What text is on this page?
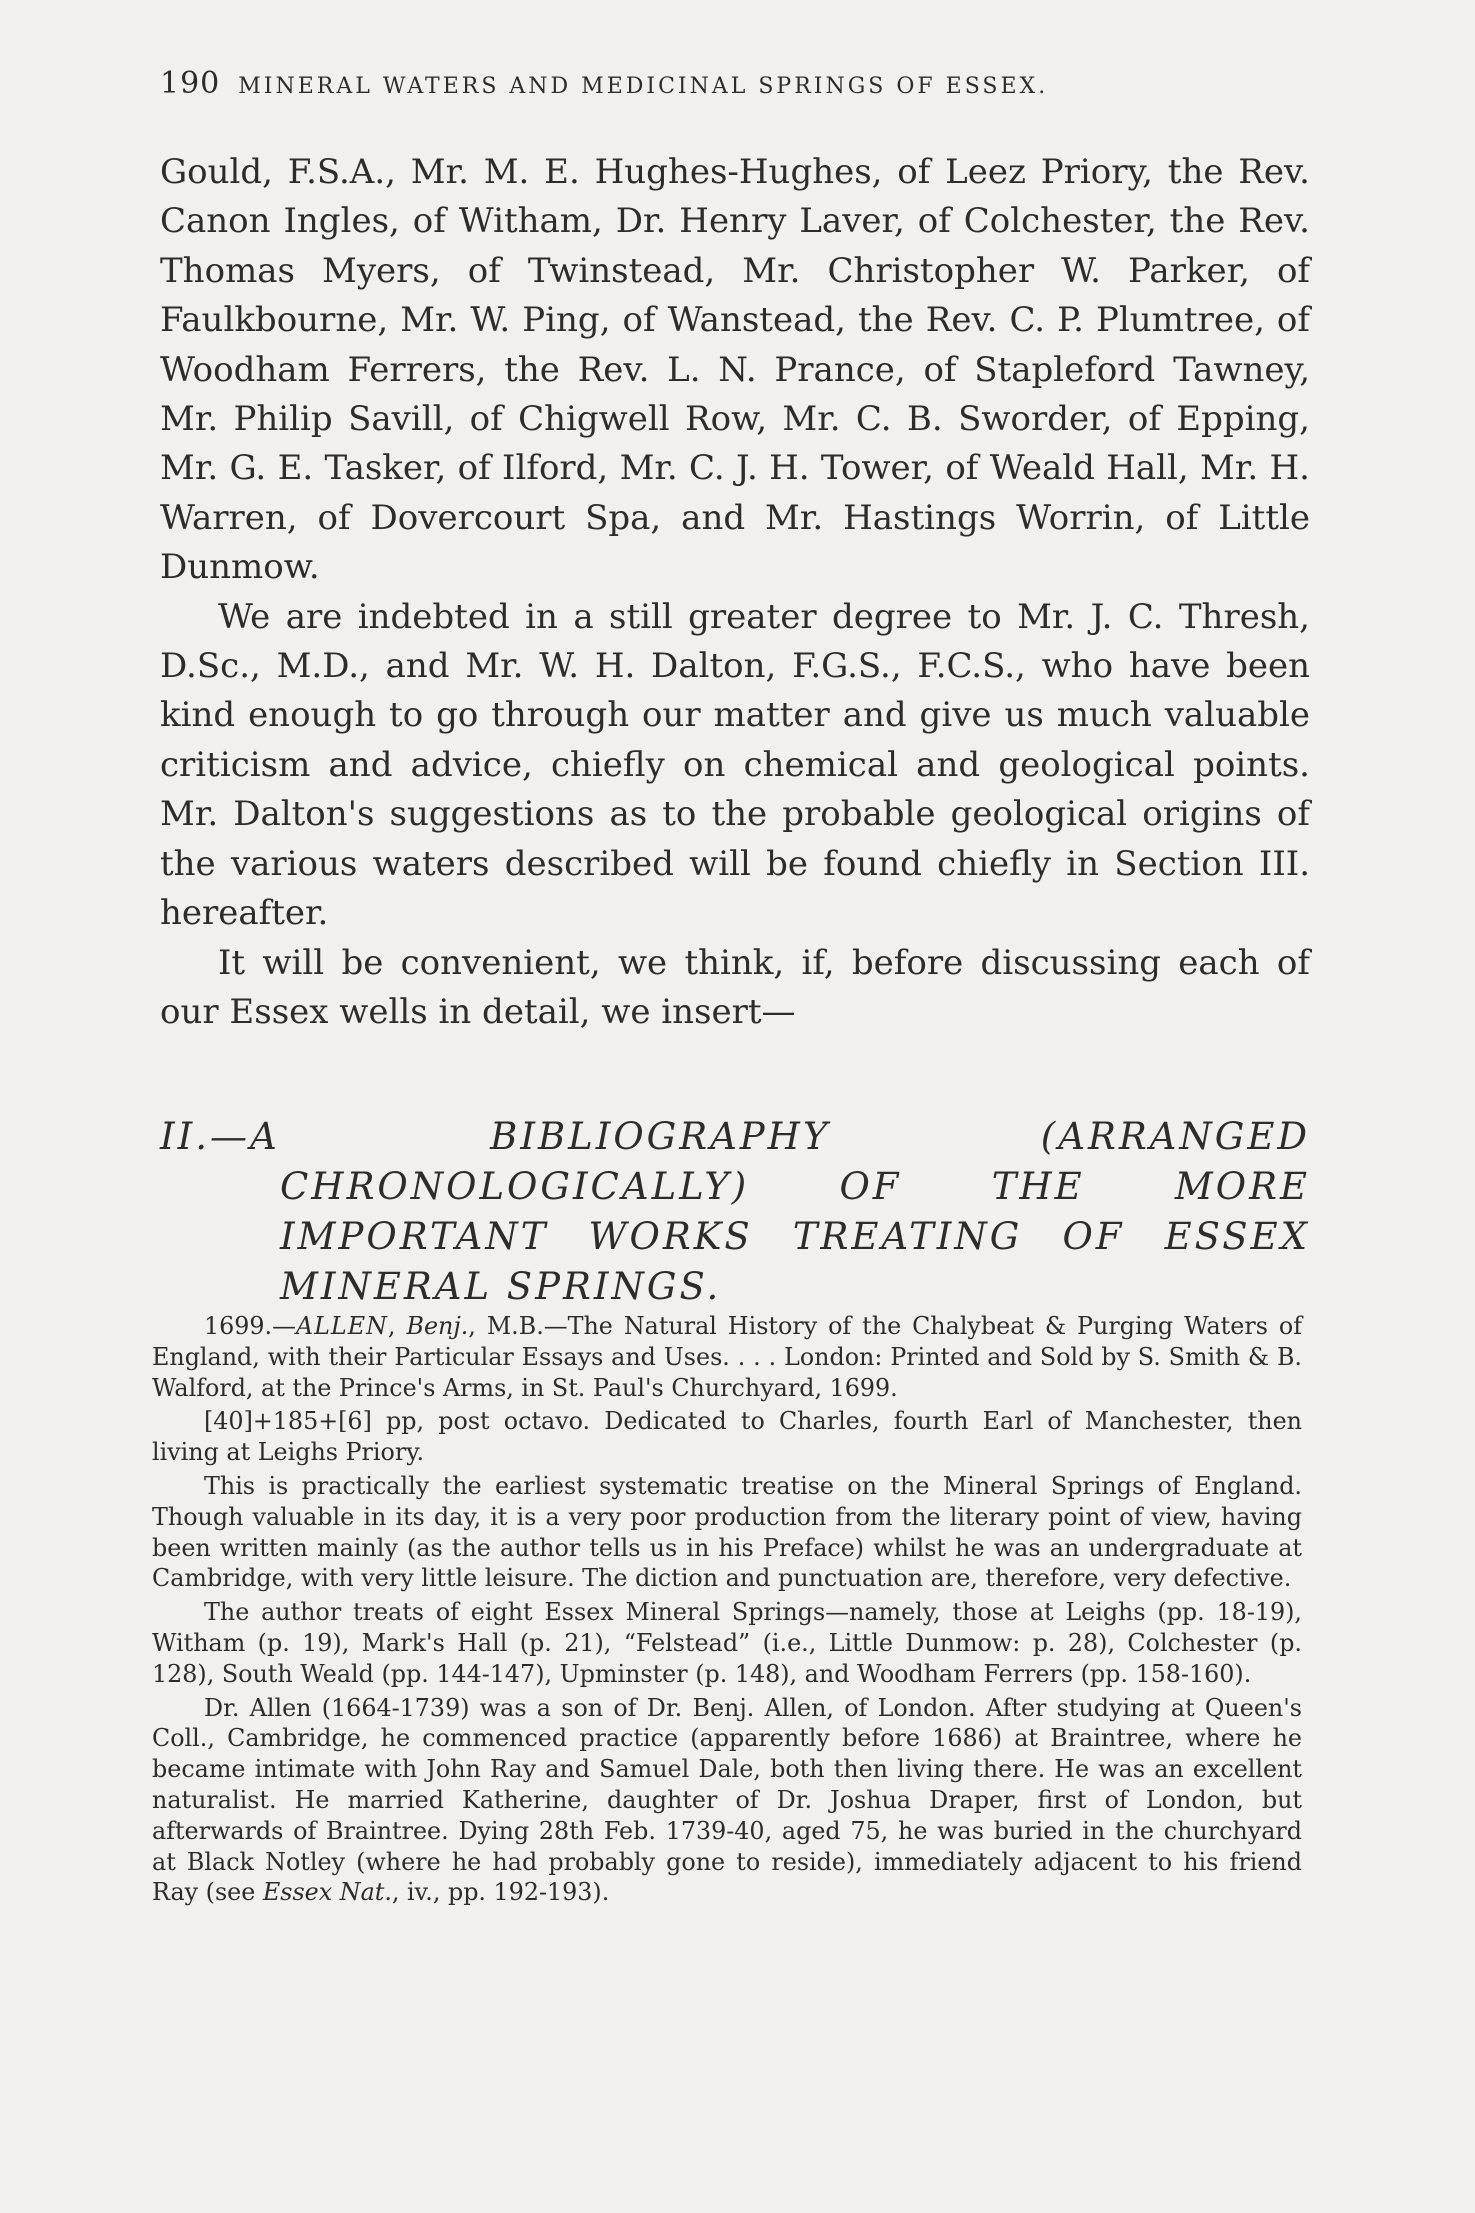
190 MINERAL WATERS AND MEDICINAL SPRINGS OF ESSEX.

Gould, F.S.A., Mr. M. E. Hughes-Hughes, of Leez Priory, the Rev. Canon Ingles, of Witham, Dr. Henry Laver, of Colchester, the Rev. Thomas Myers, of Twinstead, Mr. Christopher W. Parker, of Faulkbourne, Mr. W. Ping, of Wanstead, the Rev. C. P. Plumtree, of Woodham Ferrers, the Rev. L. N. Prance, of Stapleford Tawney, Mr. Philip Savill, of Chigwell Row, Mr. C. B. Sworder, of Epping, Mr. G. E. Tasker, of Ilford, Mr. C. J. H. Tower, of Weald Hall, Mr. H. Warren, of Dovercourt Spa, and Mr. Hastings Worrin, of Little Dunmow.

We are indebted in a still greater degree to Mr. J. C. Thresh, D.Sc., M.D., and Mr. W. H. Dalton, F.G.S., F.C.S., who have been kind enough to go through our matter and give us much valuable criticism and advice, chiefly on chemical and geological points. Mr. Dalton's suggestions as to the probable geological origins of the various waters described will be found chiefly in Section III. hereafter.

It will be convenient, we think, if, before discussing each of our Essex wells in detail, we insert—

II.—A BIBLIOGRAPHY (ARRANGED CHRONOLOGICALLY) OF THE MORE IMPORTANT WORKS TREATING OF ESSEX MINERAL SPRINGS.

1699.—ALLEN, Benj., M.B.—The Natural History of the Chalybeat & Purging Waters of England, with their Particular Essays and Uses. . . . London: Printed and Sold by S. Smith & B. Walford, at the Prince's Arms, in St. Paul's Churchyard, 1699.

[40]+185+[6] pp, post octavo. Dedicated to Charles, fourth Earl of Manchester, then living at Leighs Priory.

This is practically the earliest systematic treatise on the Mineral Springs of England. Though valuable in its day, it is a very poor production from the literary point of view, having been written mainly (as the author tells us in his Preface) whilst he was an undergraduate at Cambridge, with very little leisure. The diction and punctuation are, therefore, very defective.

The author treats of eight Essex Mineral Springs—namely, those at Leighs (pp. 18-19), Witham (p. 19), Mark's Hall (p. 21), “Felstead” (i.e., Little Dunmow: p. 28), Colchester (p. 128), South Weald (pp. 144-147), Upminster (p. 148), and Woodham Ferrers (pp. 158-160).

Dr. Allen (1664-1739) was a son of Dr. Benj. Allen, of London. After studying at Queen's Coll., Cambridge, he commenced practice (apparently before 1686) at Braintree, where he became intimate with John Ray and Samuel Dale, both then living there. He was an excellent naturalist. He married Katherine, daughter of Dr. Joshua Draper, first of London, but afterwards of Braintree. Dying 28th Feb. 1739-40, aged 75, he was buried in the churchyard at Black Notley (where he had probably gone to reside), immediately adjacent to his friend Ray (see Essex Nat., iv., pp. 192-193).
